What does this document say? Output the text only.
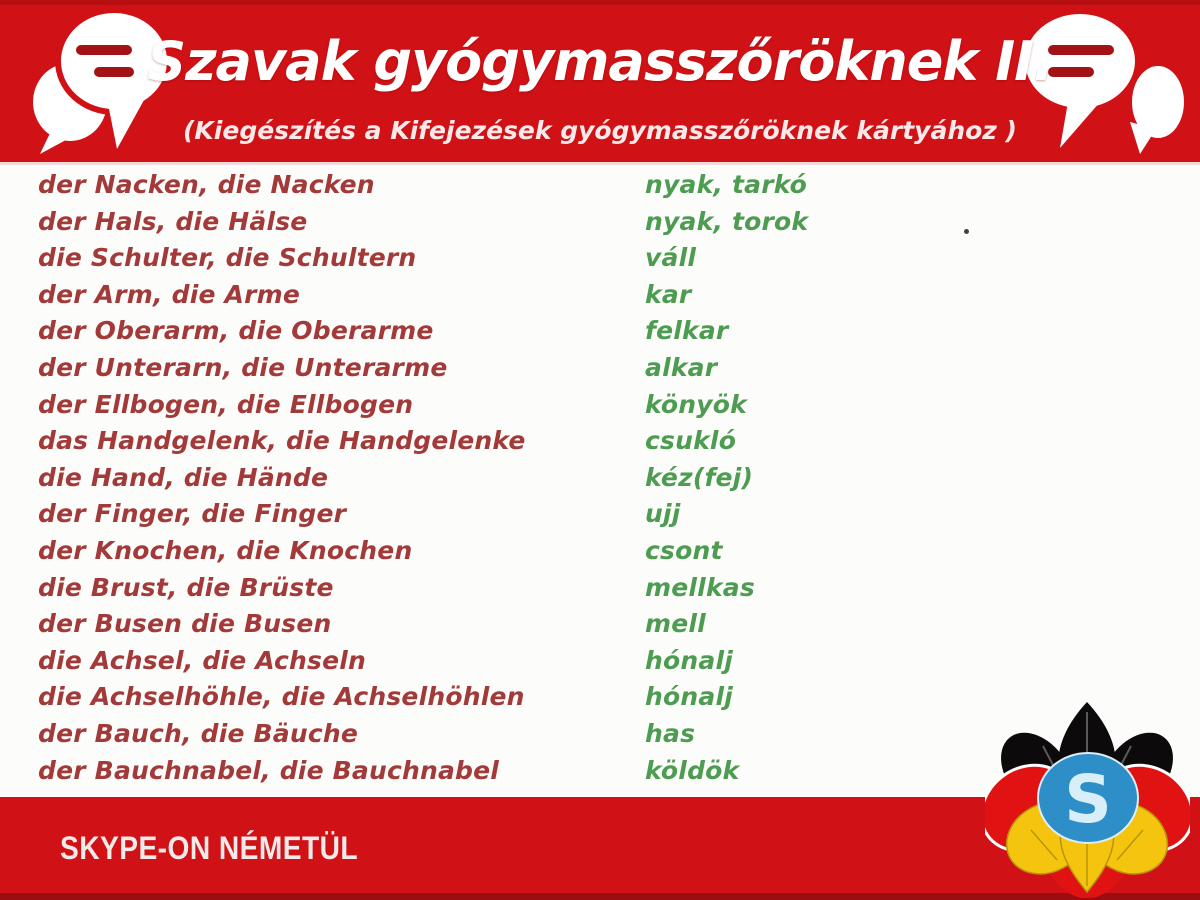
Szavak gyógymasszőröknek II.
(Kiegészítés a Kifejezések gyógymasszőröknek kártyához )
der Nacken, die Nacken	nyak, tarkó
der Hals, die Hälse	nyak, torok
die Schulter, die Schultern	váll
der Arm, die Arme	kar
der Oberarm, die Oberarme	felkar
der Unterarn, die Unterarme	alkar
der Ellbogen, die Ellbogen	könyök
das Handgelenk, die Handgelenke	csukló
die Hand, die Hände	kéz(fej)
der Finger, die Finger	ujj
der Knochen, die Knochen	csont
die Brust, die Brüste	mellkas
der Busen die Busen	mell
die Achsel, die Achseln	hónalj
die Achselhöhle, die Achselhöhlen	hónalj
der Bauch, die Bäuche	has
der Bauchnabel, die Bauchnabel	köldök
SKYPE-ON NÉMETÜL
S
